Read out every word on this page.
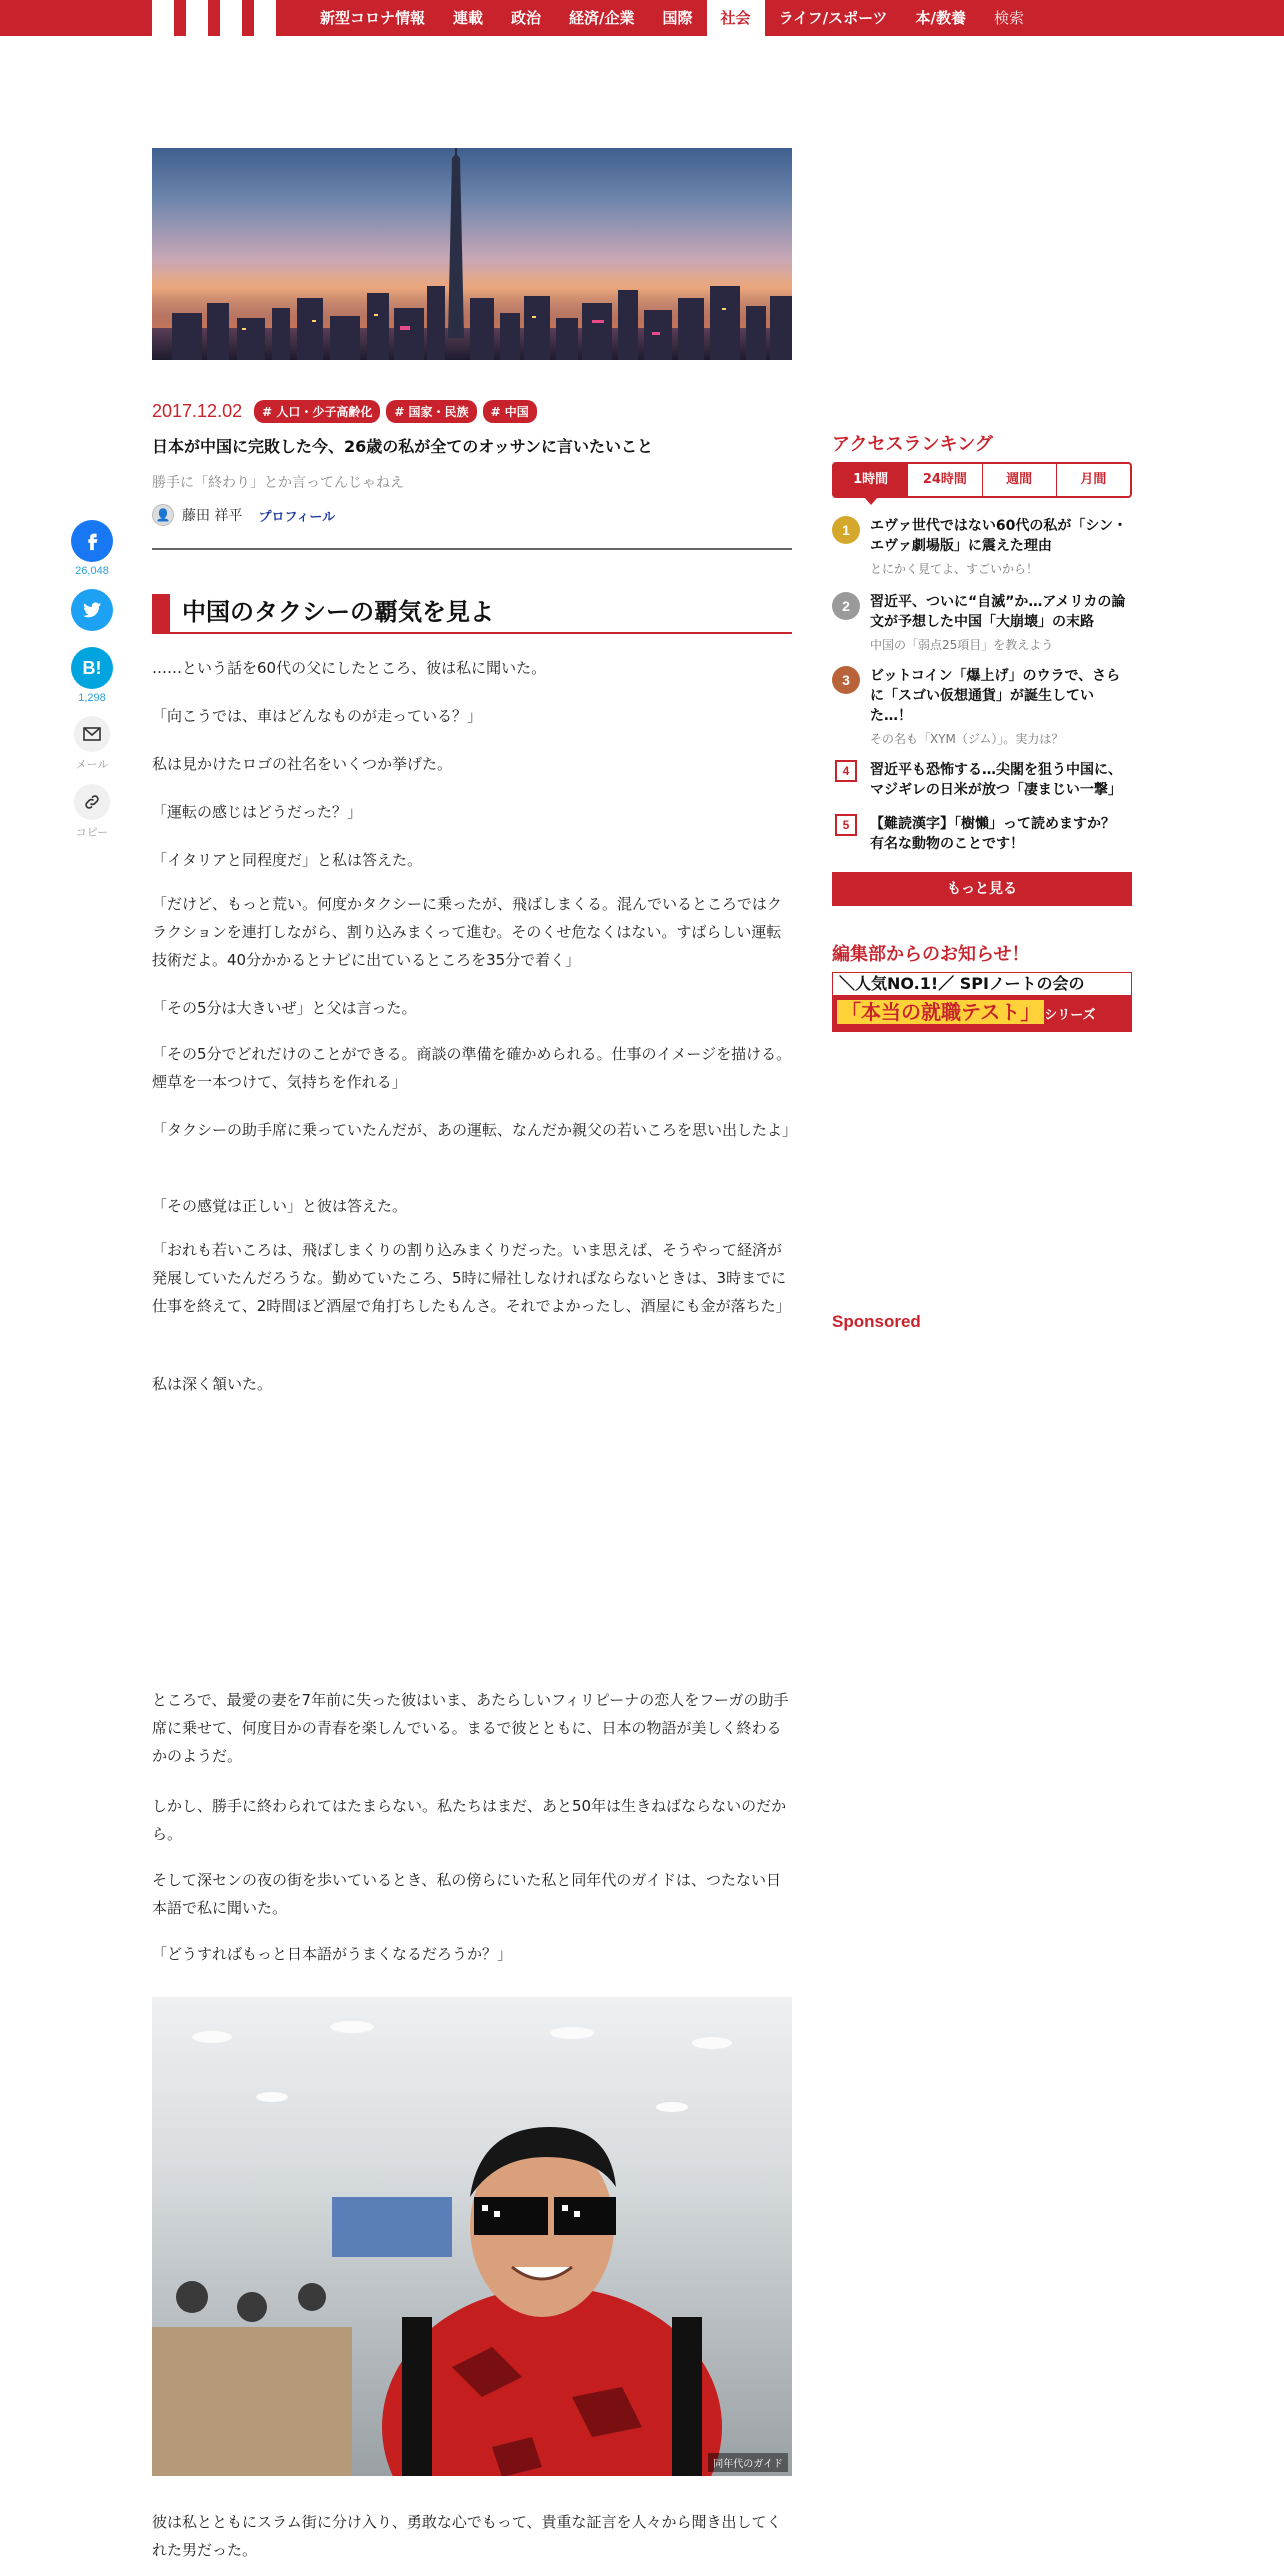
新型コロナ情報	連載	政治	経済/企業	国際	社会	ライフ/スポーツ	本/教養	検索
26,048
B!
1,298
メール
コピー
2017.12.02	# 人口・少子高齢化	# 国家・民族	# 中国
日本が中国に完敗した今、26歳の私が全てのオッサンに言いたいこと
勝手に「終わり」とか言ってんじゃねえ
👤 藤田 祥平 プロフィール
中国のタクシーの覇気を見よ
……という話を60代の父にしたところ、彼は私に聞いた。
「向こうでは、車はどんなものが走っている？」
私は見かけたロゴの社名をいくつか挙げた。
「運転の感じはどうだった？」
「イタリアと同程度だ」と私は答えた。
「だけど、もっと荒い。何度かタクシーに乗ったが、飛ばしまくる。混んでいるところではクラクションを連打しながら、割り込みまくって進む。そのくせ危なくはない。すばらしい運転技術だよ。40分かかるとナビに出ているところを35分で着く」
「その5分は大きいぜ」と父は言った。
「その5分でどれだけのことができる。商談の準備を確かめられる。仕事のイメージを描ける。煙草を一本つけて、気持ちを作れる」
「タクシーの助手席に乗っていたんだが、あの運転、なんだか親父の若いころを思い出したよ」
「その感覚は正しい」と彼は答えた。
「おれも若いころは、飛ばしまくりの割り込みまくりだった。いま思えば、そうやって経済が発展していたんだろうな。勤めていたころ、5時に帰社しなければならないときは、3時までに仕事を終えて、2時間ほど酒屋で角打ちしたもんさ。それでよかったし、酒屋にも金が落ちた」
私は深く頷いた。
ところで、最愛の妻を7年前に失った彼はいま、あたらしいフィリピーナの恋人をフーガの助手席に乗せて、何度目かの青春を楽しんでいる。まるで彼とともに、日本の物語が美しく終わるかのようだ。
しかし、勝手に終わられてはたまらない。私たちはまだ、あと50年は生きねばならないのだから。
そして深センの夜の街を歩いているとき、私の傍らにいた私と同年代のガイドは、つたない日本語で私に聞いた。
「どうすればもっと日本語がうまくなるだろうか？」
同年代のガイド
彼は私とともにスラム街に分け入り、勇敢な心でもって、貴重な証言を人々から聞き出してくれた男だった。
アクセスランキング
1時間	24時間	週間	月間
1	エヴァ世代ではない60代の私が「シン・エヴァ劇場版」に震えた理由
とにかく見てよ、すごいから！
2	習近平、ついに“自滅”か…アメリカの論文が予想した中国「大崩壊」の末路
中国の「弱点25項目」を教えよう
3	ビットコイン「爆上げ」のウラで、さらに「スゴい仮想通貨」が誕生していた…！
その名も「XYM（ジム）」。実力は？
4	習近平も恐怖する…尖閣を狙う中国に、マジギレの日米が放つ「凄まじい一撃」
5	【難読漢字】「樹懶」って読めますか？　有名な動物のことです！
もっと見る
編集部からのお知らせ！
＼人気NO.1!／ SPIノートの会の
「本当の就職テスト」 シリーズ
Sponsored
